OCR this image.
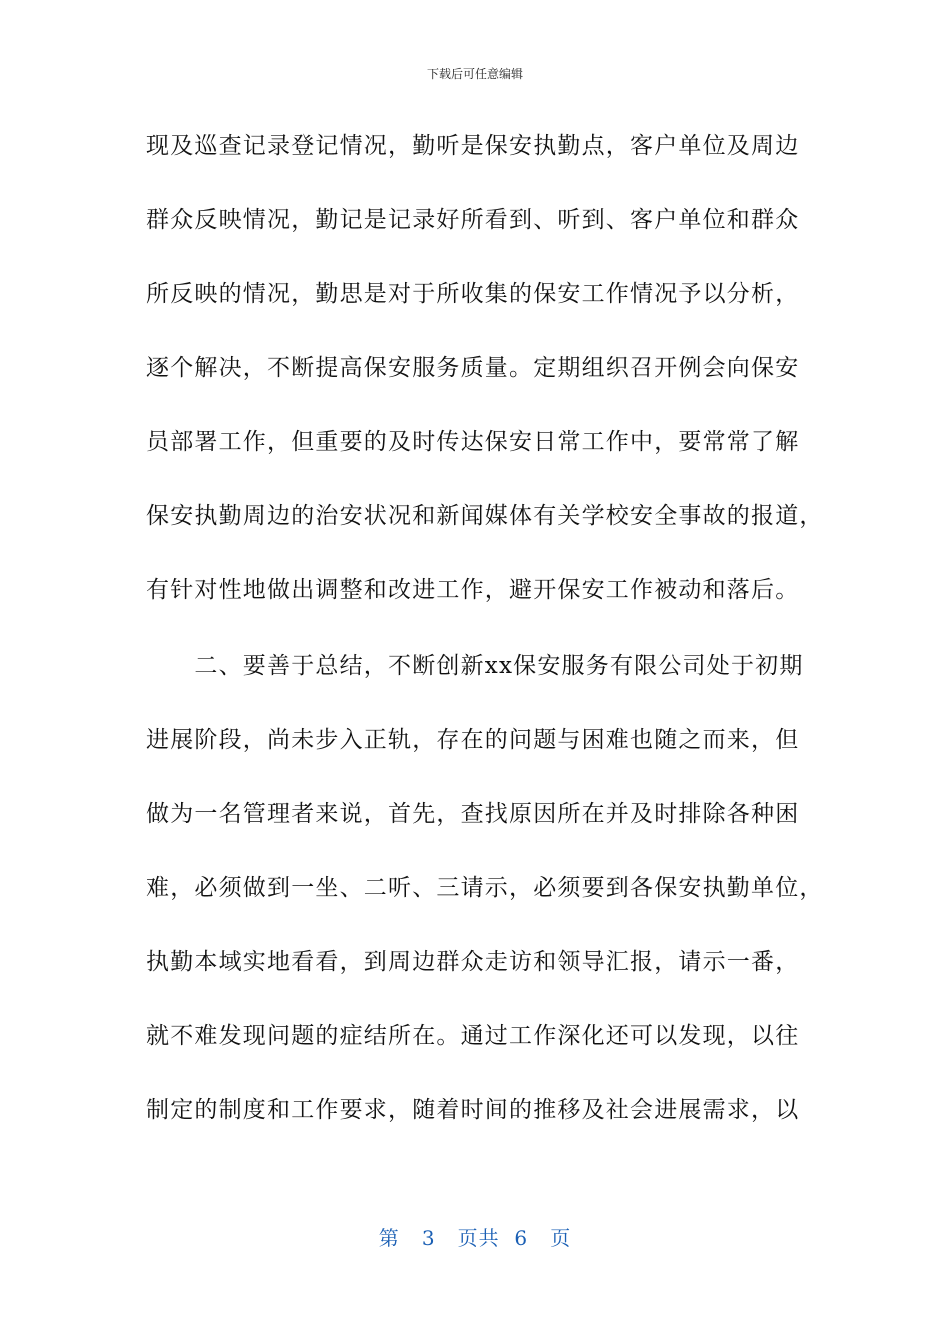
下载后可任意编辑
现及巡查记录登记情况，勤听是保安执勤点，客户单位及周边
群众反映情况，勤记是记录好所看到、听到、客户单位和群众
所反映的情况，勤思是对于所收集的保安工作情况予以分析，
逐个解决，不断提高保安服务质量。定期组织召开例会向保安
员部署工作，但重要的及时传达保安日常工作中，要常常了解
保安执勤周边的治安状况和新闻媒体有关学校安全事故的报道，
有针对性地做出调整和改进工作，避开保安工作被动和落后。
　　二、要善于总结，不断创新xx保安服务有限公司处于初期
进展阶段，尚未步入正轨，存在的问题与困难也随之而来，但
做为一名管理者来说，首先，查找原因所在并及时排除各种困
难，必须做到一坐、二听、三请示，必须要到各保安执勤单位，
执勤本域实地看看，到周边群众走访和领导汇报，请示一番，
就不难发现问题的症结所在。通过工作深化还可以发现，以往
制定的制度和工作要求，随着时间的推移及社会进展需求，以
第 3 页共 6 页
